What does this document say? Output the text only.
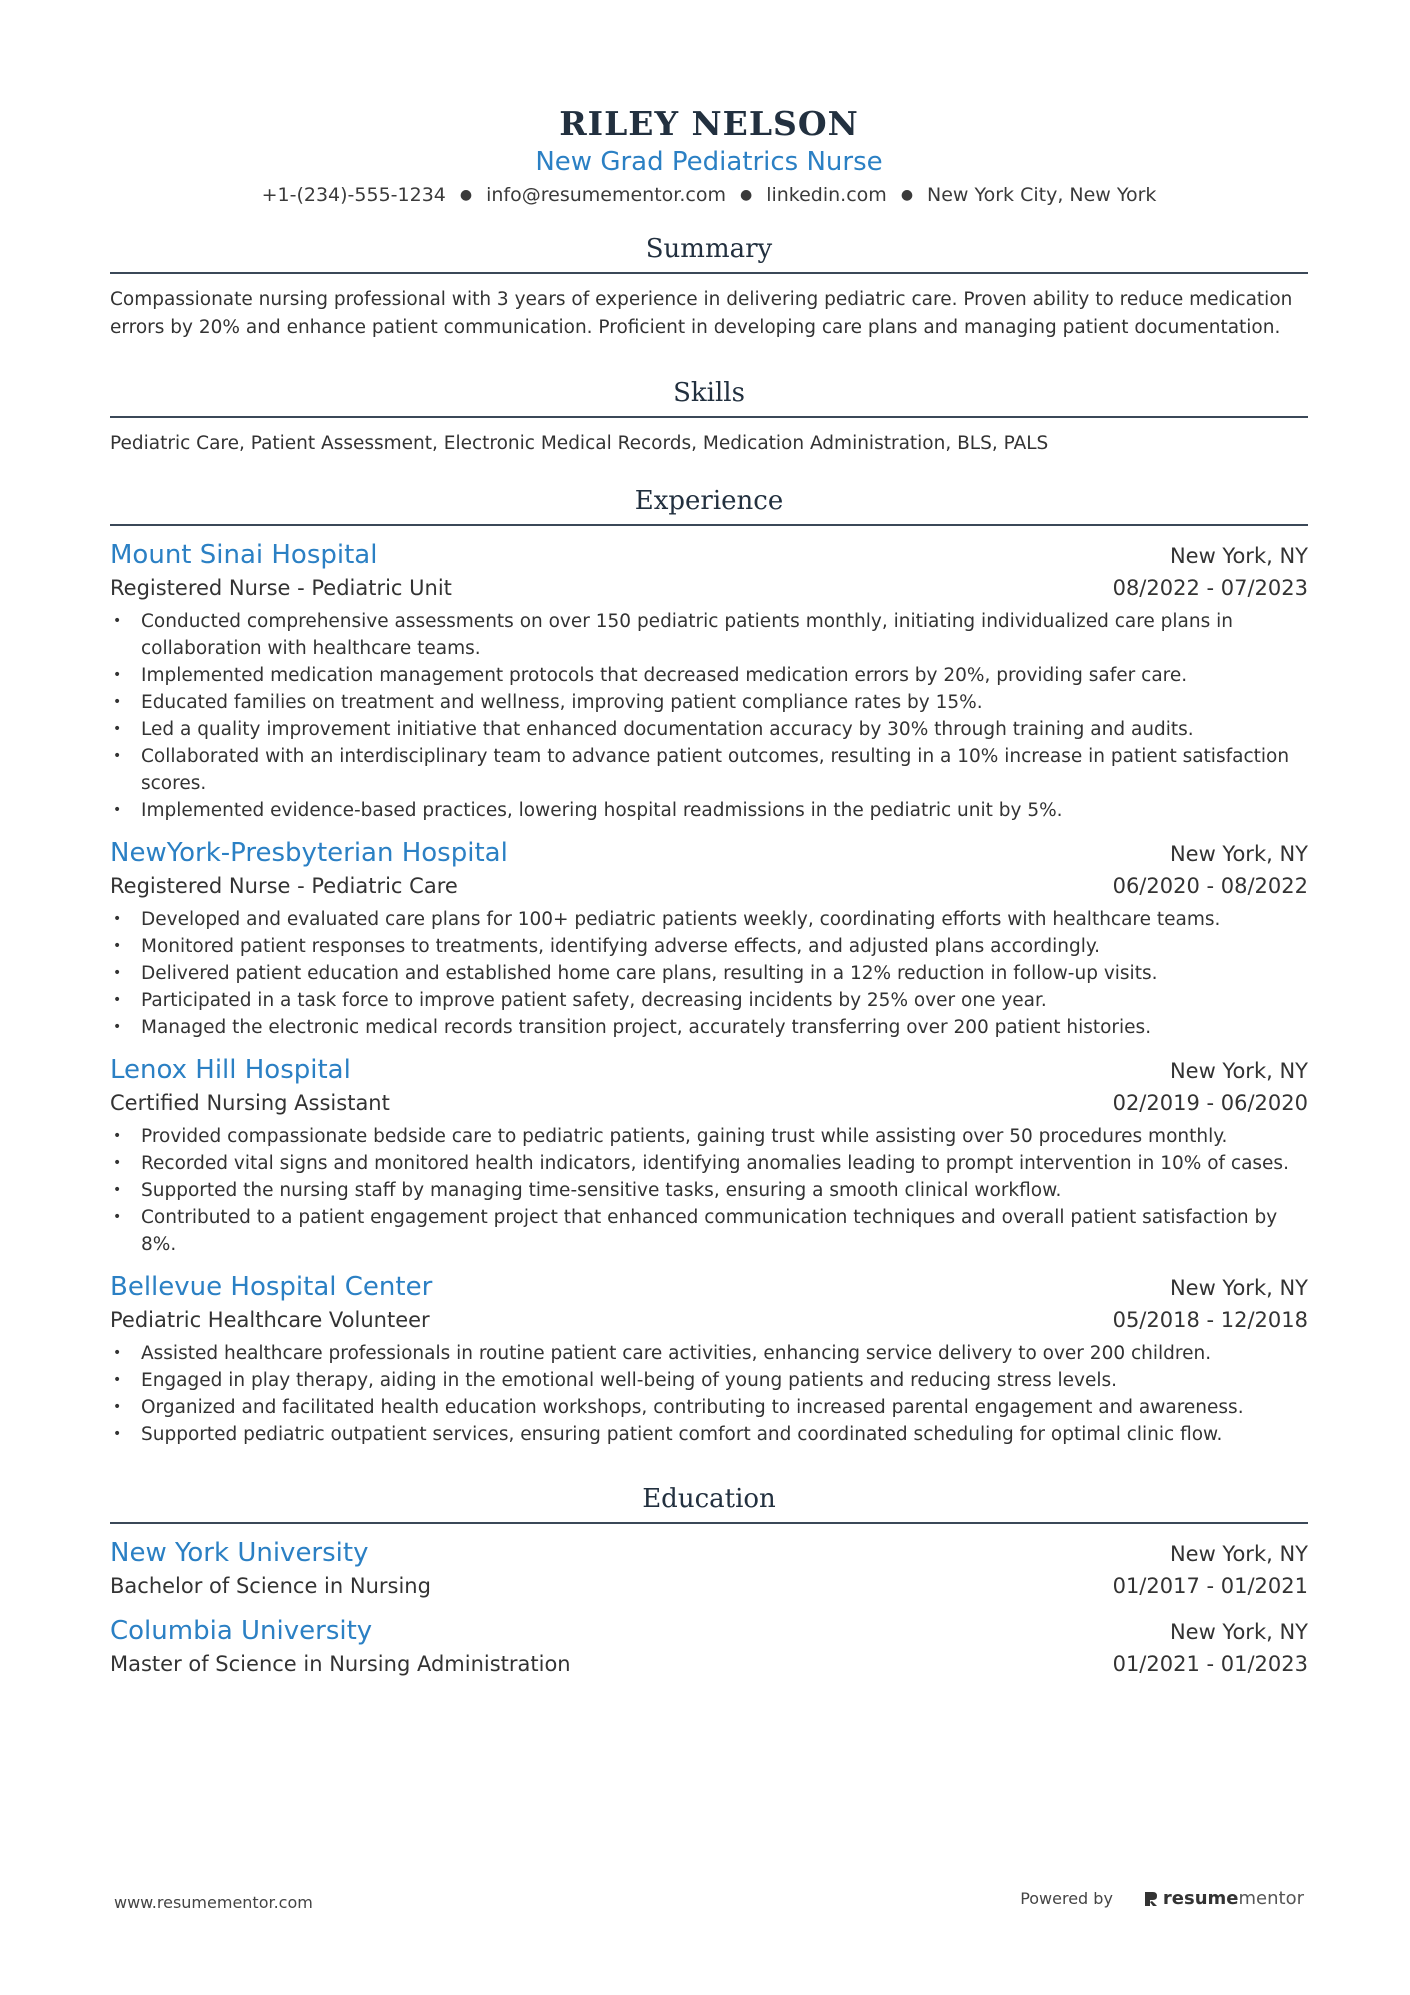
RILEY NELSON
New Grad Pediatrics Nurse
+1-(234)-555-1234 ● info@resumementor.com ● linkedin.com ● New York City, New York
Summary
Compassionate nursing professional with 3 years of experience in delivering pediatric care. Proven ability to reduce medication errors by 20% and enhance patient communication. Proficient in developing care plans and managing patient documentation.
Skills
Pediatric Care, Patient Assessment, Electronic Medical Records, Medication Administration, BLS, PALS
Experience
Mount Sinai Hospital	New York, NY
Registered Nurse - Pediatric Unit	08/2022 - 07/2023
• Conducted comprehensive assessments on over 150 pediatric patients monthly, initiating individualized care plans in collaboration with healthcare teams.
• Implemented medication management protocols that decreased medication errors by 20%, providing safer care.
• Educated families on treatment and wellness, improving patient compliance rates by 15%.
• Led a quality improvement initiative that enhanced documentation accuracy by 30% through training and audits.
• Collaborated with an interdisciplinary team to advance patient outcomes, resulting in a 10% increase in patient satisfaction scores.
• Implemented evidence-based practices, lowering hospital readmissions in the pediatric unit by 5%.
NewYork-Presbyterian Hospital	New York, NY
Registered Nurse - Pediatric Care	06/2020 - 08/2022
• Developed and evaluated care plans for 100+ pediatric patients weekly, coordinating efforts with healthcare teams.
• Monitored patient responses to treatments, identifying adverse effects, and adjusted plans accordingly.
• Delivered patient education and established home care plans, resulting in a 12% reduction in follow-up visits.
• Participated in a task force to improve patient safety, decreasing incidents by 25% over one year.
• Managed the electronic medical records transition project, accurately transferring over 200 patient histories.
Lenox Hill Hospital	New York, NY
Certified Nursing Assistant	02/2019 - 06/2020
• Provided compassionate bedside care to pediatric patients, gaining trust while assisting over 50 procedures monthly.
• Recorded vital signs and monitored health indicators, identifying anomalies leading to prompt intervention in 10% of cases.
• Supported the nursing staff by managing time-sensitive tasks, ensuring a smooth clinical workflow.
• Contributed to a patient engagement project that enhanced communication techniques and overall patient satisfaction by 8%.
Bellevue Hospital Center	New York, NY
Pediatric Healthcare Volunteer	05/2018 - 12/2018
• Assisted healthcare professionals in routine patient care activities, enhancing service delivery to over 200 children.
• Engaged in play therapy, aiding in the emotional well-being of young patients and reducing stress levels.
• Organized and facilitated health education workshops, contributing to increased parental engagement and awareness.
• Supported pediatric outpatient services, ensuring patient comfort and coordinated scheduling for optimal clinic flow.
Education
New York University	New York, NY
Bachelor of Science in Nursing	01/2017 - 01/2021
Columbia University	New York, NY
Master of Science in Nursing Administration	01/2021 - 01/2023
www.resumementor.com	Powered by	resume mentor
